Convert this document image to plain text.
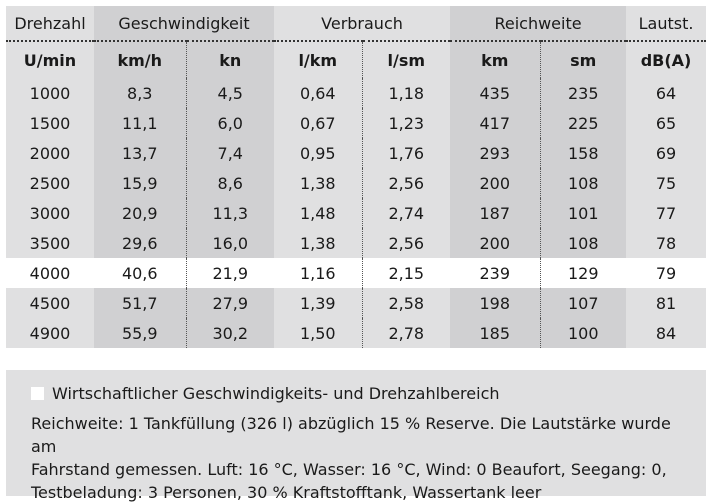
Drehzahl	Geschwindigkeit		Verbrauch		Reichweite		Lautst.
U/min	km/h	kn	l/km	l/sm	km	sm	dB(A)
1000	8,3	4,5	0,64	1,18	435	235	64
1500	11,1	6,0	0,67	1,23	417	225	65
2000	13,7	7,4	0,95	1,76	293	158	69
2500	15,9	8,6	1,38	2,56	200	108	75
3000	20,9	11,3	1,48	2,74	187	101	77
3500	29,6	16,0	1,38	2,56	200	108	78
4000	40,6	21,9	1,16	2,15	239	129	79
4500	51,7	27,9	1,39	2,58	198	107	81
4900	55,9	30,2	1,50	2,78	185	100	84
Wirtschaftlicher Geschwindigkeits- und Drehzahlbereich
Reichweite: 1 Tankfüllung (326 l) abzüglich 15 % Reserve. Die Lautstärke wurde am
Fahrstand gemessen. Luft: 16 °C, Wasser: 16 °C, Wind: 0 Beaufort, Seegang: 0,
Testbeladung: 3 Personen, 30 % Kraftstofftank, Wassertank leer
